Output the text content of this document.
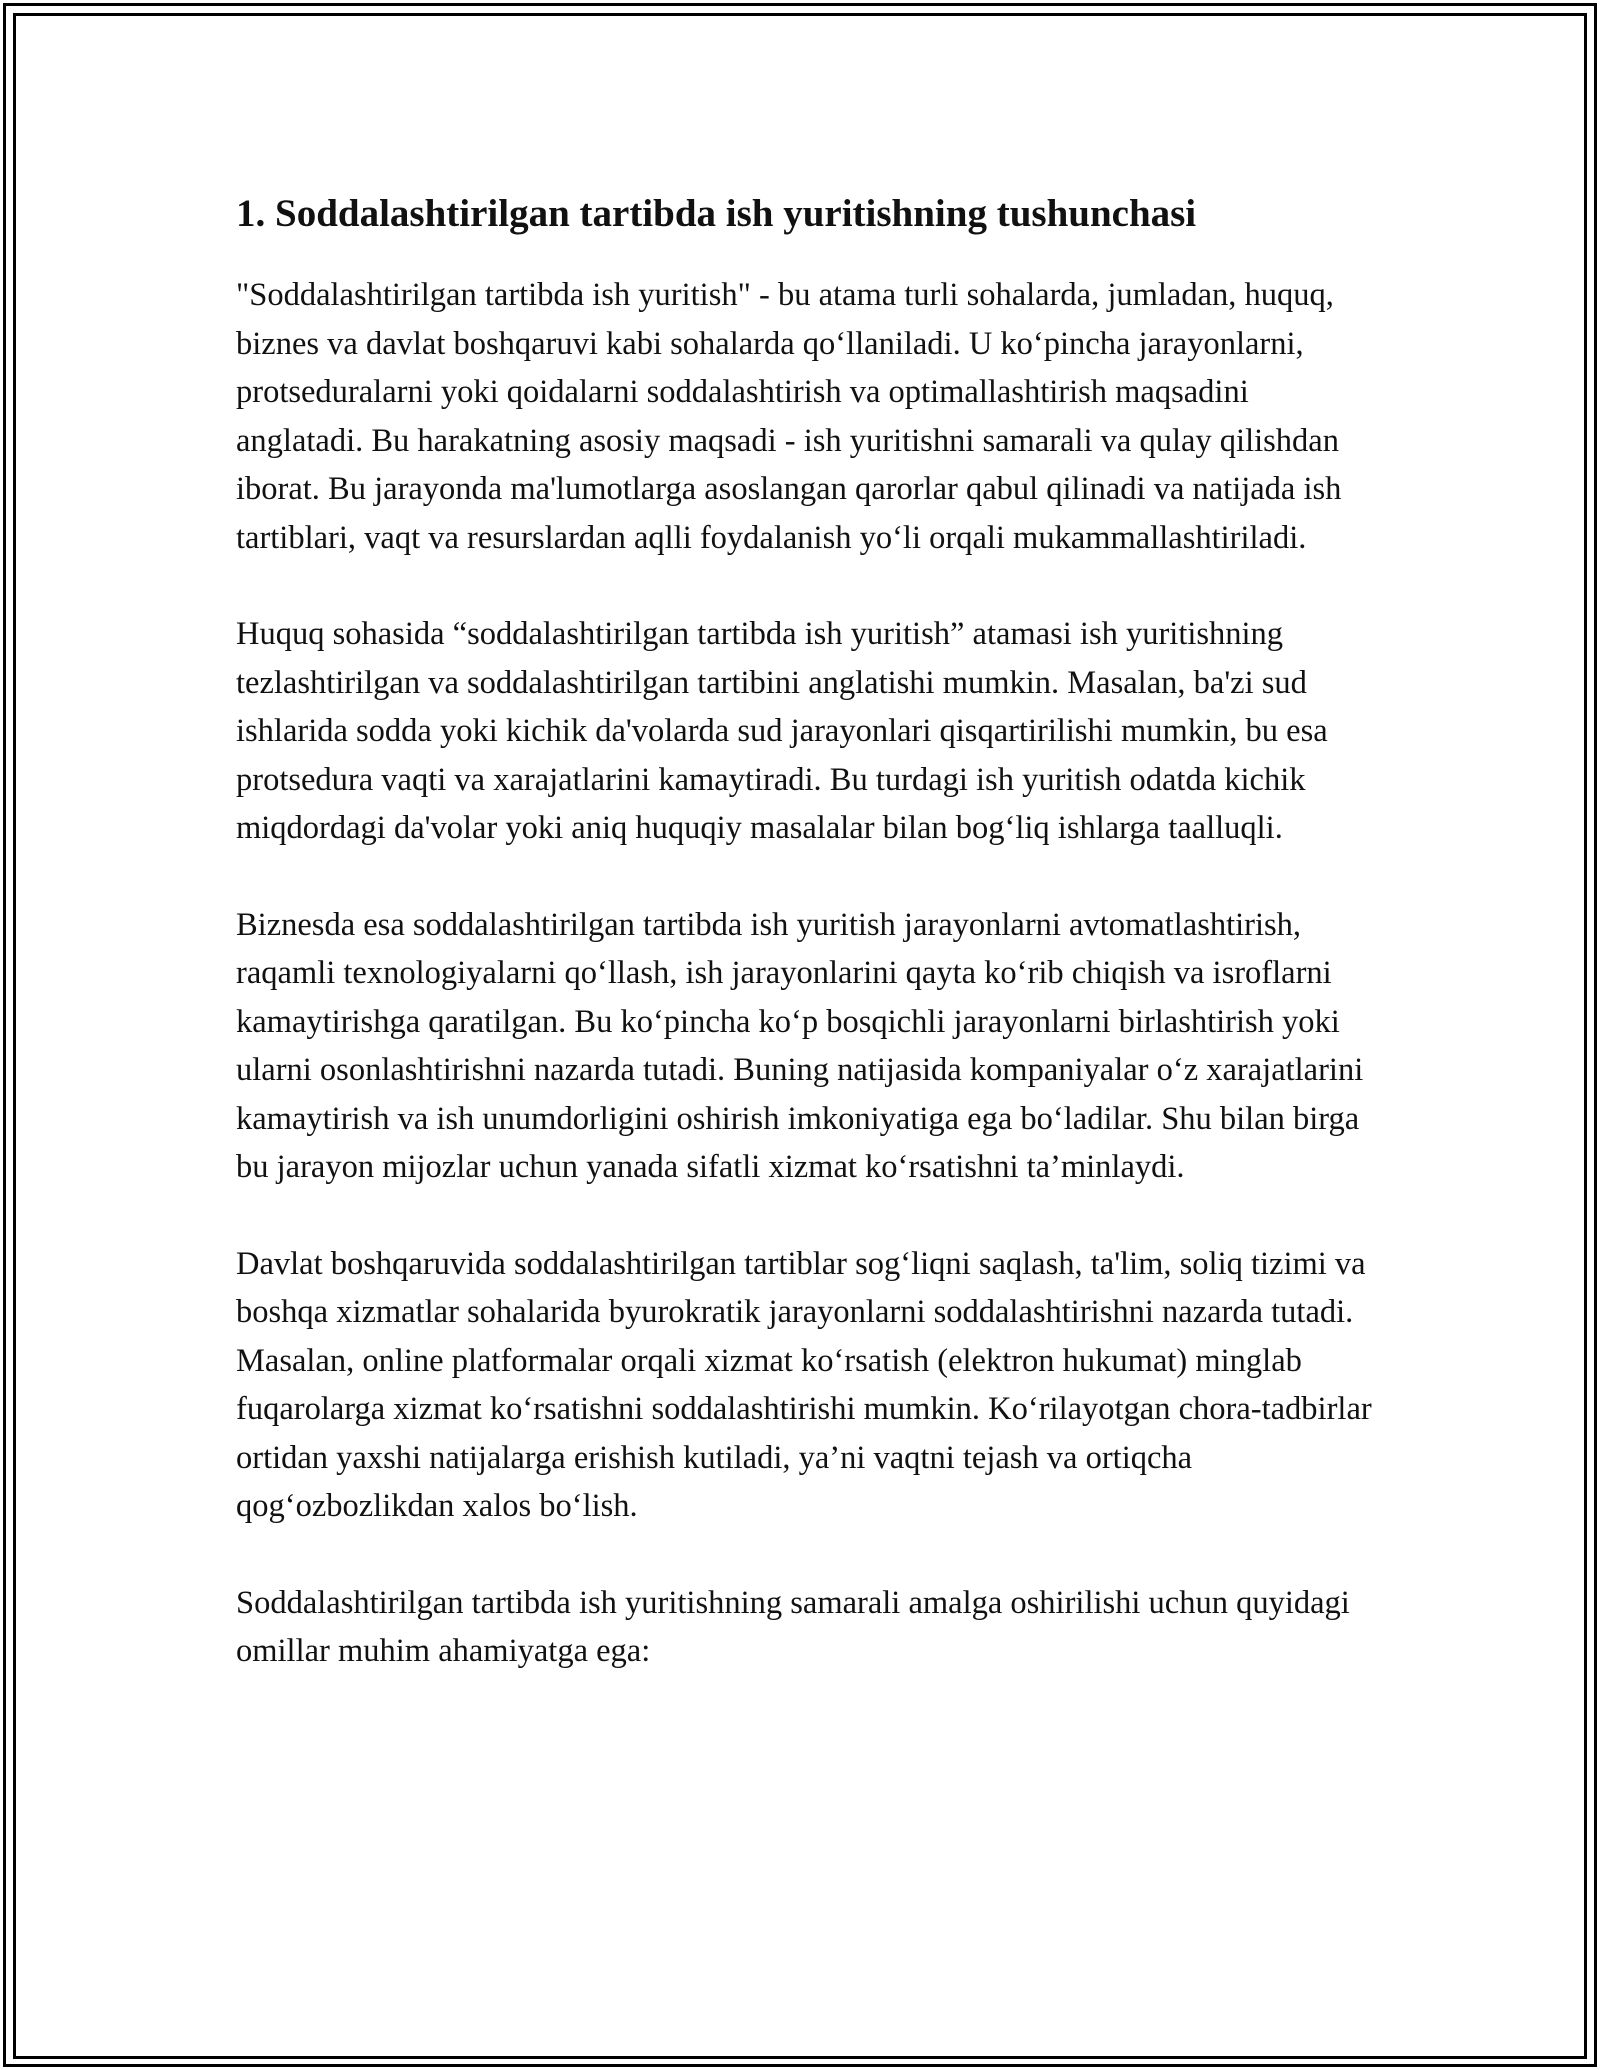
1. Soddalashtirilgan tartibda ish yuritishning tushunchasi

"Soddalashtirilgan tartibda ish yuritish" - bu atama turli sohalarda, jumladan, huquq, biznes va davlat boshqaruvi kabi sohalarda qo‘llaniladi. U ko‘pincha jarayonlarni, protseduralarni yoki qoidalarni soddalashtirish va optimallashtirish maqsadini anglatadi. Bu harakatning asosiy maqsadi - ish yuritishni samarali va qulay qilishdan iborat. Bu jarayonda ma'lumotlarga asoslangan qarorlar qabul qilinadi va natijada ish tartiblari, vaqt va resurslardan aqlli foydalanish yo‘li orqali mukammallashtiriladi.

Huquq sohasida “soddalashtirilgan tartibda ish yuritish” atamasi ish yuritishning tezlashtirilgan va soddalashtirilgan tartibini anglatishi mumkin. Masalan, ba'zi sud ishlarida sodda yoki kichik da'volarda sud jarayonlari qisqartirilishi mumkin, bu esa protsedura vaqti va xarajatlarini kamaytiradi. Bu turdagi ish yuritish odatda kichik miqdordagi da'volar yoki aniq huquqiy masalalar bilan bog‘liq ishlarga taalluqli.

Biznesda esa soddalashtirilgan tartibda ish yuritish jarayonlarni avtomatlashtirish, raqamli texnologiyalarni qo‘llash, ish jarayonlarini qayta ko‘rib chiqish va isroflarni kamaytirishga qaratilgan. Bu ko‘pincha ko‘p bosqichli jarayonlarni birlashtirish yoki ularni osonlashtirishni nazarda tutadi. Buning natijasida kompaniyalar o‘z xarajatlarini kamaytirish va ish unumdorligini oshirish imkoniyatiga ega bo‘ladilar. Shu bilan birga bu jarayon mijozlar uchun yanada sifatli xizmat ko‘rsatishni ta’minlaydi.

Davlat boshqaruvida soddalashtirilgan tartiblar sog‘liqni saqlash, ta'lim, soliq tizimi va boshqa xizmatlar sohalarida byurokratik jarayonlarni soddalashtirishni nazarda tutadi. Masalan, online platformalar orqali xizmat ko‘rsatish (elektron hukumat) minglab fuqarolarga xizmat ko‘rsatishni soddalashtirishi mumkin. Ko‘rilayotgan chora-tadbirlar ortidan yaxshi natijalarga erishish kutiladi, ya’ni vaqtni tejash va ortiqcha qog‘ozbozlikdan xalos bo‘lish.

Soddalashtirilgan tartibda ish yuritishning samarali amalga oshirilishi uchun quyidagi omillar muhim ahamiyatga ega:
